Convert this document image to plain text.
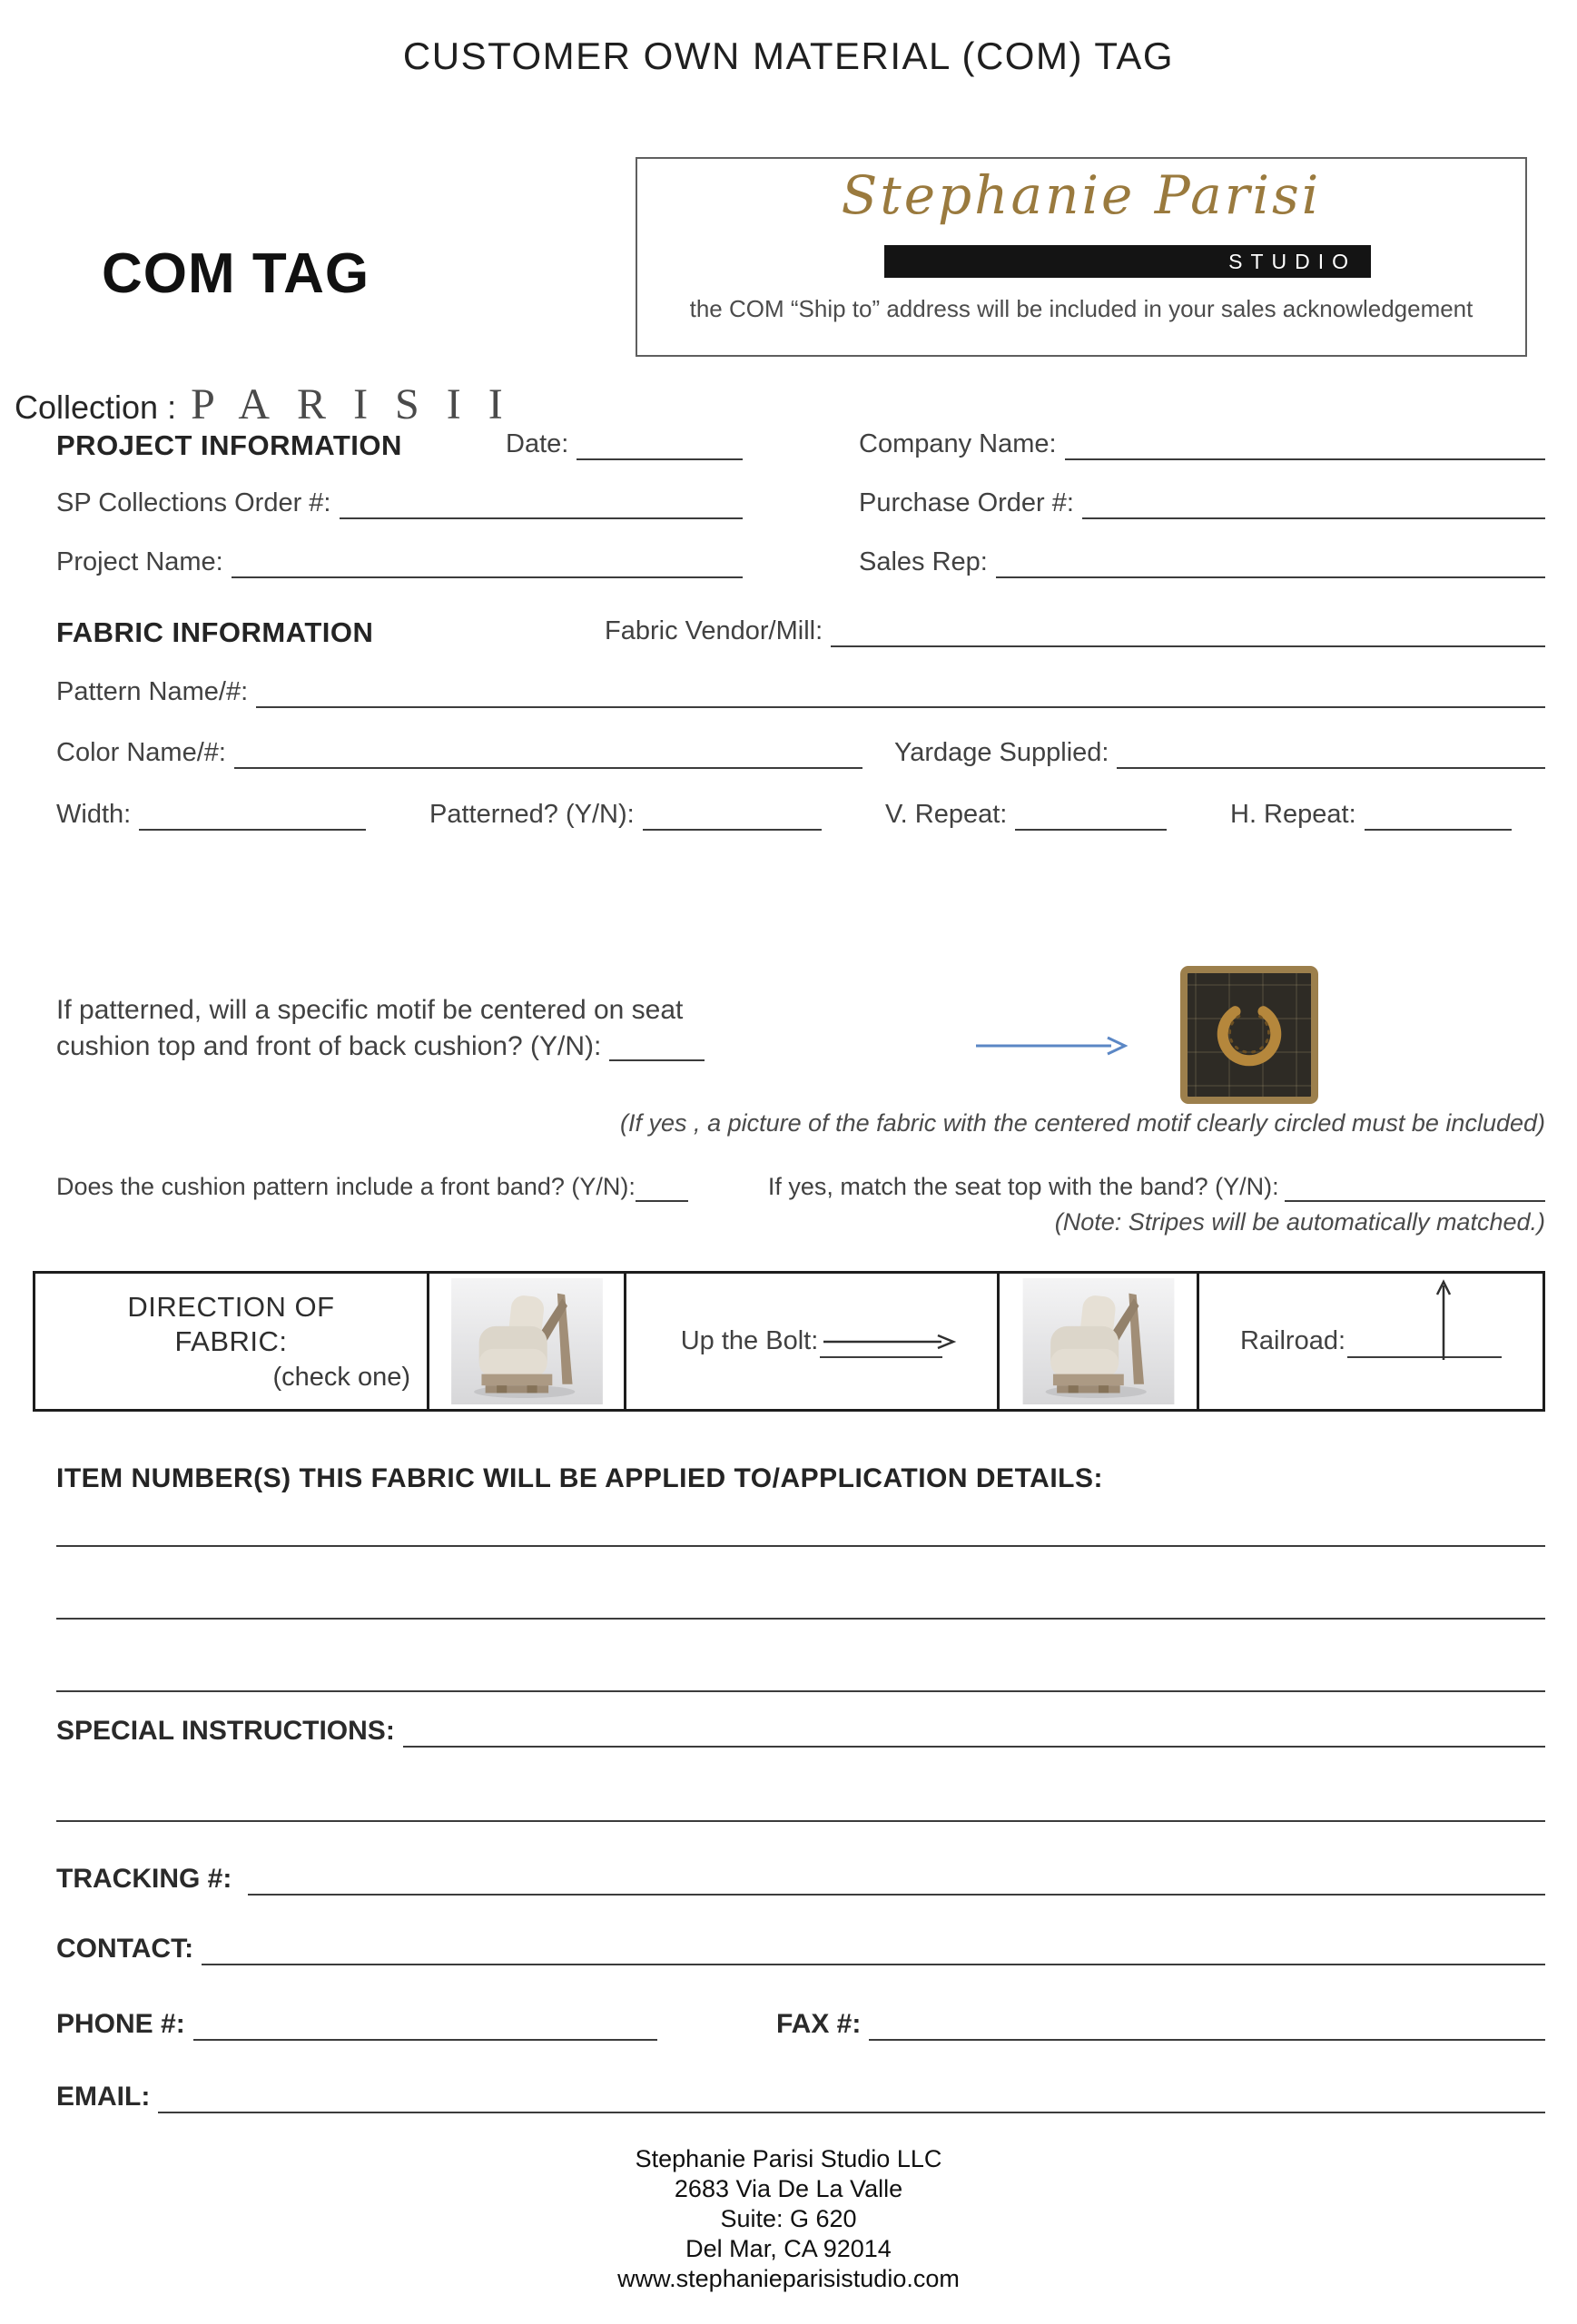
CUSTOMER OWN MATERIAL (COM) TAG
Stephanie Parisi
STUDIO
the COM “Ship to” address will be included in your sales acknowledgement
COM TAG
Collection : PARISII
PROJECT INFORMATION	Date:	Company Name:
SP Collections Order #:	Purchase Order #:
Project Name:	Sales Rep:
FABRIC INFORMATION	Fabric Vendor/Mill:
Pattern Name/#:
Color Name/#:	Yardage Supplied:
Width:	Patterned? (Y/N):	V. Repeat:	H. Repeat:
If patterned, will a specific motif be centered on seat
cushion top and front of back cushion? (Y/N):
(If yes , a picture of the fabric with the centered motif clearly circled must be included)
Does the cushion pattern include a front band? (Y/N):	If yes, match the seat top with the band? (Y/N):
(Note: Stripes will be automatically matched.)
DIRECTION OF
FABRIC:
(check one)
Up the Bolt:	Railroad:
ITEM NUMBER(S) THIS FABRIC WILL BE APPLIED TO/APPLICATION DETAILS:
SPECIAL INSTRUCTIONS:
TRACKING #:
CONTACT:
PHONE #:	FAX #:
EMAIL:
Stephanie Parisi Studio LLC
2683 Via De La Valle
Suite: G 620
Del Mar, CA 92014
www.stephanieparisistudio.com
